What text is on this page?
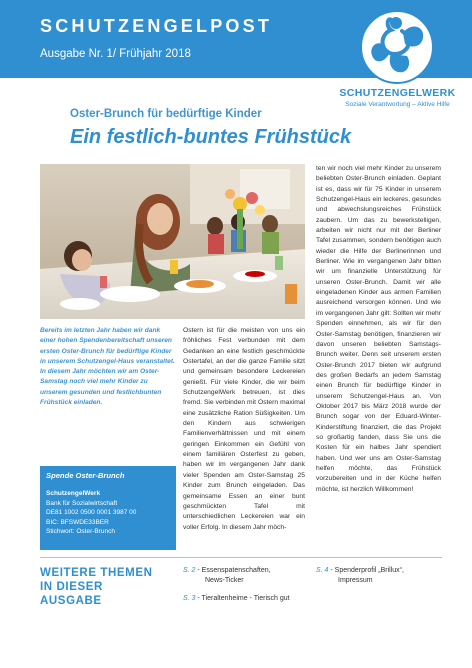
SCHUTZENGELPOST
Ausgabe Nr. 1/ Frühjahr 2018
SCHUTZENGELWERK
Soziale Verantwortung – Aktive Hilfe
Oster-Brunch für bedürftige Kinder
Ein festlich-buntes Frühstück
Bereits im letzten Jahr haben wir dank einer hohen Spendenbereitschaft unseren ersten Oster-Brunch für bedürftige Kinder in unserem Schutzengel-Haus veranstaltet. In diesem Jahr möchten wir am Oster-Samstag noch viel mehr Kinder zu unserem gesunden und festlichbunten Frühstück einladen.
Ostern ist für die meisten von uns ein fröhliches Fest verbunden mit dem Gedanken an eine festlich geschmückte Ostertafel, an der die ganze Familie sitzt und gemeinsam besondere Leckereien genießt. Für viele Kinder, die wir beim SchutzengelWerk betreuen, ist dies fremd. Sie verbinden mit Ostern maximal eine zusätzliche Ration Süßigkeiten. Um den Kindern aus schwierigen Familienverhältnissen und mit einem geringen Einkommen ein Gefühl von einem familiären Osterfest zu geben, haben wir im vergangenen Jahr dank vieler Spenden am Oster-Samstag 25 Kinder zum Brunch eingeladen. Das gemeinsame Essen an einer bunt geschmückten Tafel mit unterschiedlichen Leckereien war ein voller Erfolg. In diesem Jahr möch-
ten wir noch viel mehr Kinder zu unserem beliebten Oster-Brunch einladen. Geplant ist es, dass wir für 75 Kinder in unserem Schutzengel-Haus ein leckeres, gesundes und abwechslungsreiches Frühstück zaubern. Um das zu bewerkstelligen, arbeiten wir nicht nur mit der Berliner Tafel zusammen, sondern benötigen auch wieder die Hilfe der Berlinerinnen und Berliner. Wie im vergangenen Jahr bitten wir um finanzielle Unterstützung für unseren Oster-Brunch. Damit wir alle eingeladenen Kinder aus armen Familien ausreichend versorgen können. Und wie im vergangenen Jahr gilt: Sollten wir mehr Spenden einnehmen, als wir für den Oster-Samstag benötigen, finanzieren wir davon unseren beliebten Samstags-Brunch weiter. Denn seit unserem ersten Oster-Brunch 2017 bieten wir aufgrund des großen Bedarfs an jedem Samstag einen Brunch für bedürftige Kinder in unserem Schutzengel-Haus an. Von Oktober 2017 bis März 2018 wurde der Brunch sogar von der Eduard-Winter-Kinderstiftung finanziert, die das Projekt so großartig fanden, dass Sie uns die Kosten für ein halbes Jahr spendiert haben. Und wer uns am Oster-Samstag helfen möchte, das Frühstück vorzubereiten und in der Küche helfen möchte, ist herzlich Willkommen!
Spende Oster-Brunch
SchutzengelWerk
Bank für Sozialwirtschaft
DE81 1002 0500 0001 3987 00
BIC: BFSWDE33BER
Stichwort: Oster-Brunch
WEITERE THEMEN IN DIESER AUSGABE
S. 2 - Essenspatenschaften,
News-Ticker
S. 3 - Tieraltenheime - Tierisch gut
S. 4 - Spenderprofil „Brillux“,
Impressum
